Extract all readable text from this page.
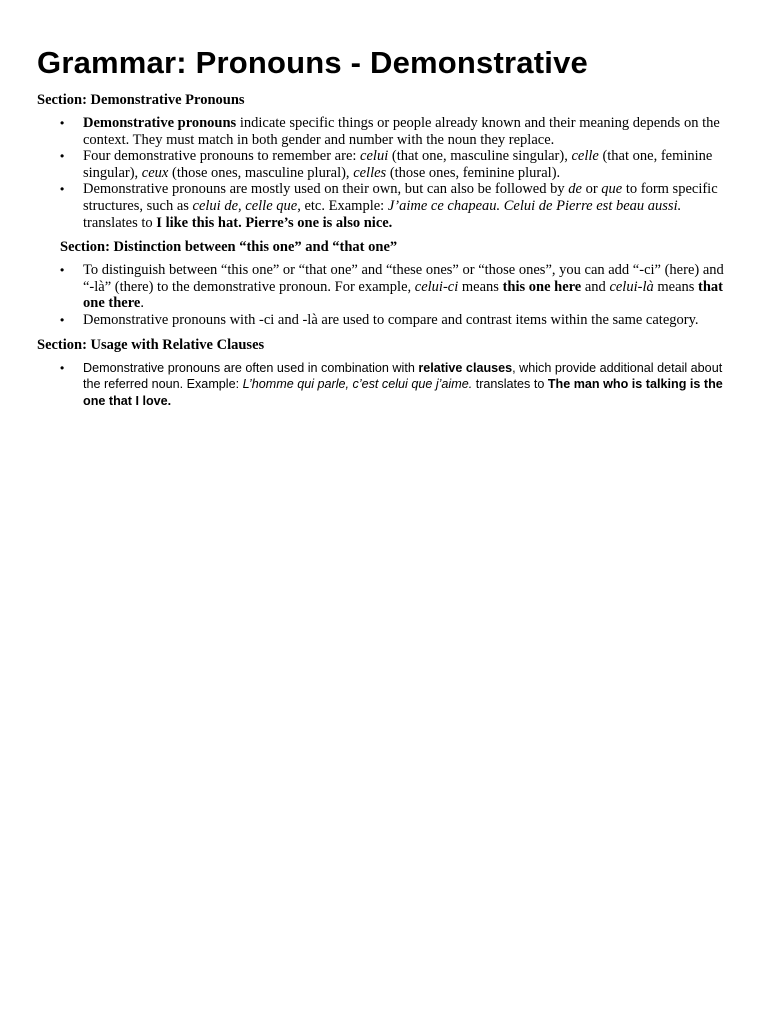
Grammar: Pronouns - Demonstrative
Section: Demonstrative Pronouns
• Demonstrative pronouns indicate specific things or people already known and their meaning depends on the context. They must match in both gender and number with the noun they replace.
• Four demonstrative pronouns to remember are: celui (that one, masculine singular), celle (that one, feminine singular), ceux (those ones, masculine plural), celles (those ones, feminine plural).
• Demonstrative pronouns are mostly used on their own, but can also be followed by de or que to form specific structures, such as celui de, celle que, etc. Example: J’aime ce chapeau. Celui de Pierre est beau aussi. translates to I like this hat. Pierre’s one is also nice.
Section: Distinction between “this one” and “that one”
• To distinguish between “this one” or “that one” and “these ones” or “those ones”, you can add “-ci” (here) and “-là” (there) to the demonstrative pronoun. For example, celui-ci means this one here and celui-là means that one there.
• Demonstrative pronouns with -ci and -là are used to compare and contrast items within the same category.
Section: Usage with Relative Clauses
• Demonstrative pronouns are often used in combination with relative clauses, which provide additional detail about the referred noun. Example: L’homme qui parle, c’est celui que j’aime. translates to The man who is talking is the one that I love.
